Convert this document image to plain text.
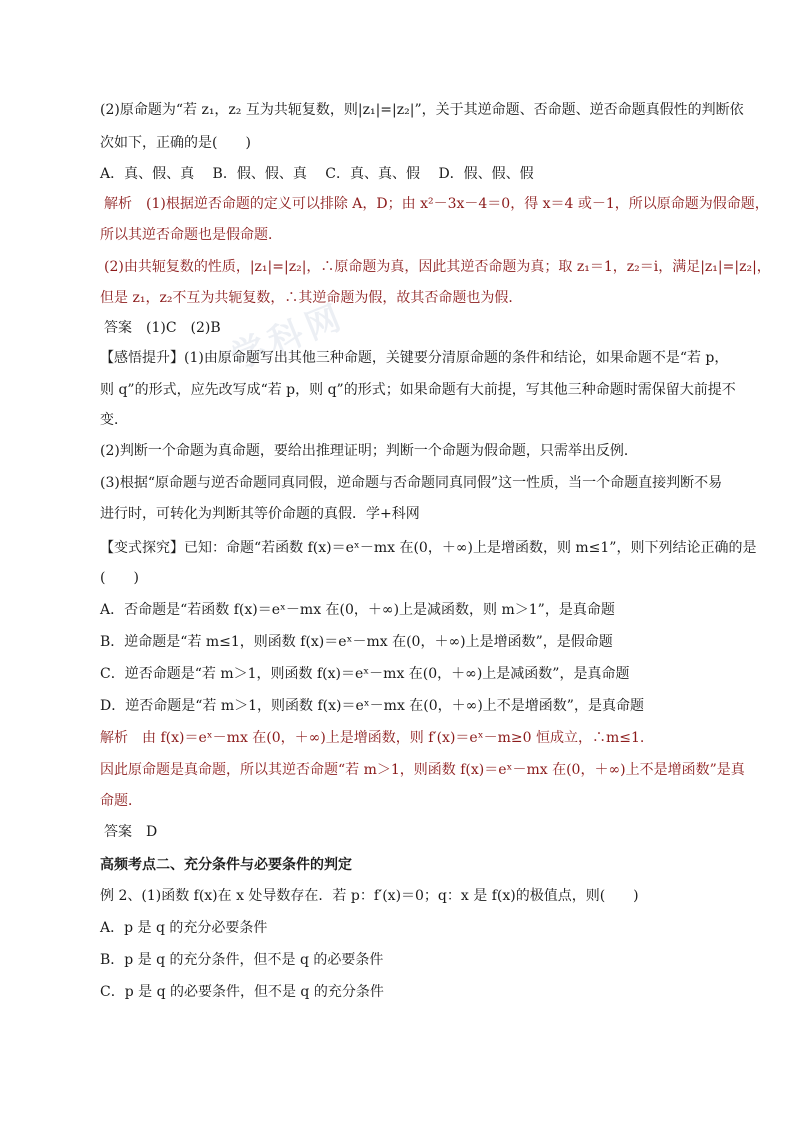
学科网
(2)原命题为“若 z₁，z₂ 互为共轭复数，则|z₁|=|z₂|”，关于其逆命题、否命题、逆否命题真假性的判断依
次如下，正确的是(　　)
A．真、假、真　 B．假、假、真　 C．真、真、假　 D．假、假、假
解析　(1)根据逆否命题的定义可以排除 A，D；由 x²－3x－4＝0，得 x＝4 或－1，所以原命题为假命题，
所以其逆否命题也是假命题．
(2)由共轭复数的性质，|z₁|=|z₂|，∴原命题为真，因此其逆否命题为真；取 z₁＝1，z₂＝i，满足|z₁|=|z₂|，
但是 z₁，z₂不互为共轭复数，∴其逆命题为假，故其否命题也为假．
答案　(1)C　(2)B
【感悟提升】(1)由原命题写出其他三种命题，关键要分清原命题的条件和结论，如果命题不是“若 p，
则 q”的形式，应先改写成“若 p，则 q”的形式；如果命题有大前提，写其他三种命题时需保留大前提不
变．
(2)判断一个命题为真命题，要给出推理证明；判断一个命题为假命题，只需举出反例．
(3)根据“原命题与逆否命题同真同假，逆命题与否命题同真同假”这一性质，当一个命题直接判断不易
进行时，可转化为判断其等价命题的真假．学+科网
【变式探究】已知：命题“若函数 f(x)＝eˣ－mx 在(0，＋∞)上是增函数，则 m≤1”，则下列结论正确的是
(　　)
A．否命题是“若函数 f(x)＝eˣ－mx 在(0，＋∞)上是减函数，则 m＞1”，是真命题
B．逆命题是“若 m≤1，则函数 f(x)＝eˣ－mx 在(0，＋∞)上是增函数”，是假命题
C．逆否命题是“若 m＞1，则函数 f(x)＝eˣ－mx 在(0，＋∞)上是减函数”，是真命题
D．逆否命题是“若 m＞1，则函数 f(x)＝eˣ－mx 在(0，＋∞)上不是增函数”，是真命题
解析　由 f(x)＝eˣ－mx 在(0，＋∞)上是增函数，则 f′(x)＝eˣ－m≥0 恒成立，∴m≤1.
因此原命题是真命题，所以其逆否命题“若 m＞1，则函数 f(x)＝eˣ－mx 在(0，＋∞)上不是增函数”是真
命题．
答案　D
高频考点二、充分条件与必要条件的判定
例 2、(1)函数 f(x)在 x 处导数存在．若 p：f′(x)＝0；q：x 是 f(x)的极值点，则(　　)
A．p 是 q 的充分必要条件
B．p 是 q 的充分条件，但不是 q 的必要条件
C．p 是 q 的必要条件，但不是 q 的充分条件
